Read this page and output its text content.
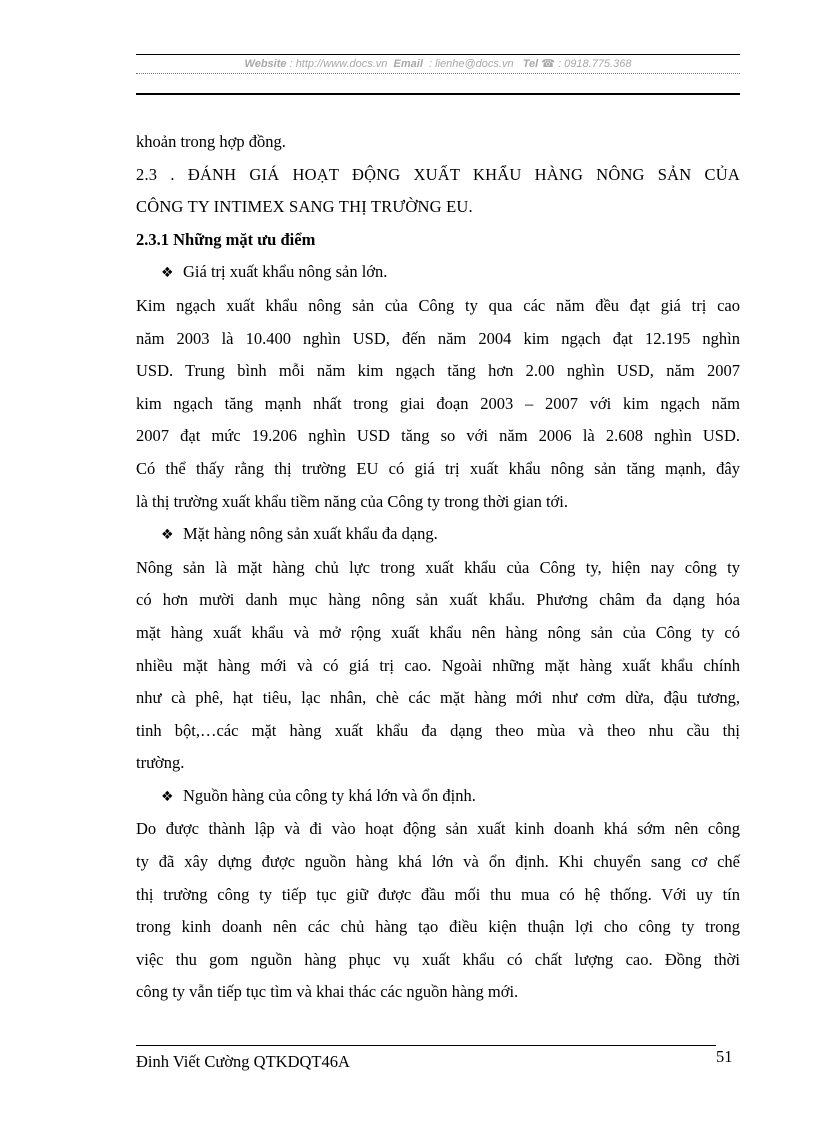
Website : http://www.docs.vn Email : lienhe@docs.vn Tel ☎ : 0918.775.368

khoản trong hợp đồng.

2.3 . ĐÁNH GIÁ HOẠT ĐỘNG XUẤT KHẨU HÀNG NÔNG SẢN CỦA

CÔNG TY INTIMEX SANG THỊ TRƯỜNG EU.

2.3.1 Những mặt ưu điểm

❖ Giá trị xuất khẩu nông sản lớn.

Kim ngạch xuất khẩu nông sản của Công ty qua các năm đều đạt giá trị cao

năm 2003 là 10.400 nghìn USD, đến năm 2004 kim ngạch đạt 12.195 nghìn

USD. Trung bình mỗi năm kim ngạch tăng hơn 2.00 nghìn USD, năm 2007

kim ngạch tăng mạnh nhất trong giai đoạn 2003 – 2007 với kim ngạch năm

2007 đạt mức 19.206 nghìn USD tăng so với năm 2006 là 2.608 nghìn USD.

Có thể thấy rằng thị trường EU có giá trị xuất khẩu nông sản tăng mạnh, đây

là thị trường xuất khẩu tiềm năng của Công ty trong thời gian tới.

❖ Mặt hàng nông sản xuất khẩu đa dạng.

Nông sản là mặt hàng chủ lực trong xuất khẩu của Công ty, hiện nay công ty

có hơn mười danh mục hàng nông sản xuất khẩu. Phương châm đa dạng hóa

mặt hàng xuất khẩu và mở rộng xuất khẩu nên hàng nông sản của Công ty có

nhiều mặt hàng mới và có giá trị cao. Ngoài những mặt hàng xuất khẩu chính

như cà phê, hạt tiêu, lạc nhân, chè các mặt hàng mới như cơm dừa, đậu tương,

tinh bột,…các mặt hàng xuất khẩu đa dạng theo mùa và theo nhu cầu thị

trường.

❖ Nguồn hàng của công ty khá lớn và ổn định.

Do được thành lập và đi vào hoạt động sản xuất kinh doanh khá sớm nên công

ty đã xây dựng được nguồn hàng khá lớn và ổn định. Khi chuyển sang cơ chế

thị trường công ty tiếp tục giữ được đầu mối thu mua có hệ thống. Với uy tín

trong kinh doanh nên các chủ hàng tạo điều kiện thuận lợi cho công ty trong

việc thu gom nguồn hàng phục vụ xuất khẩu có chất lượng cao. Đồng thời

công ty vẫn tiếp tục tìm và khai thác các nguồn hàng mới.

Đinh Viết Cường QTKDQT46A	51
